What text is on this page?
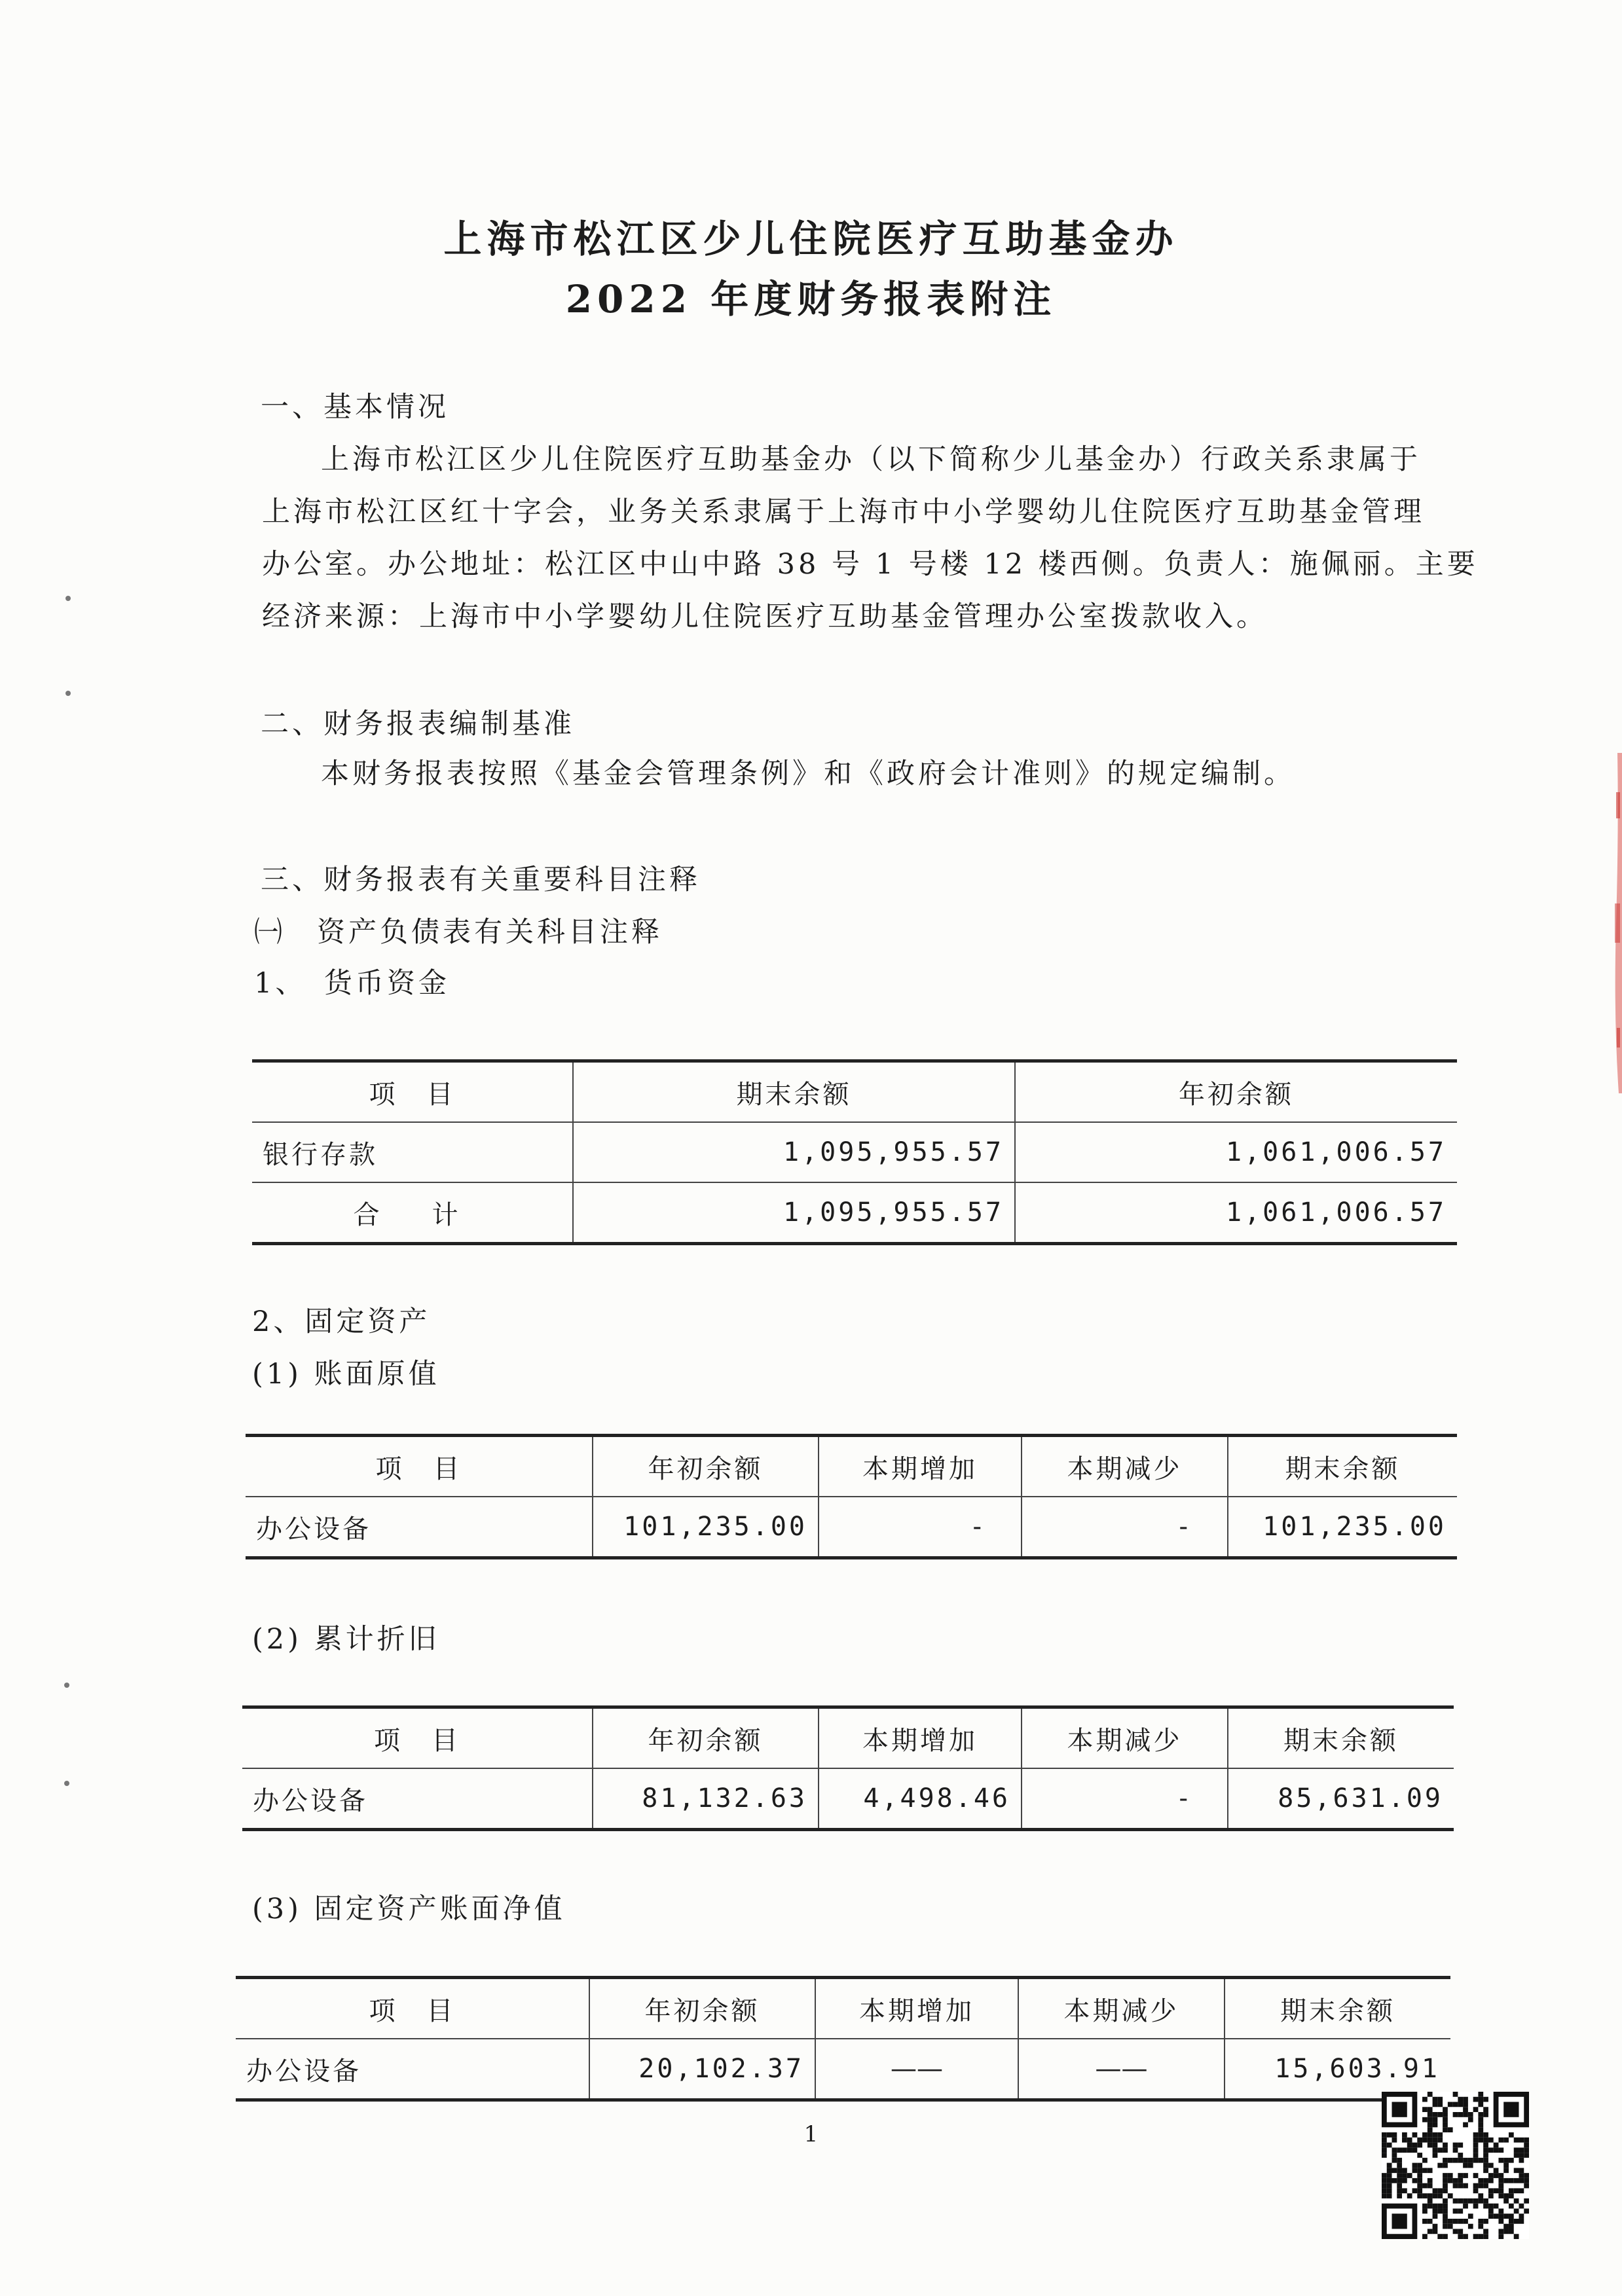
上海市松江区少儿住院医疗互助基金办
2022 年度财务报表附注
一、基本情况
上海市松江区少儿住院医疗互助基金办（以下简称少儿基金办）行政关系隶属于
上海市松江区红十字会，业务关系隶属于上海市中小学婴幼儿住院医疗互助基金管理
办公室。办公地址：松江区中山中路 38 号 1 号楼 12 楼西侧。负责人：施佩丽。主要
经济来源：上海市中小学婴幼儿住院医疗互助基金管理办公室拨款收入。
二、财务报表编制基准
本财务报表按照《基金会管理条例》和《政府会计准则》的规定编制。
三、财务报表有关重要科目注释
㈠　资产负债表有关科目注释
1、　货币资金
项　目	期末余额	年初余额
银行存款	1,095,955.57	1,061,006.57
合　计	1,095,955.57	1,061,006.57
2、固定资产
(1) 账面原值
项　目	年初余额	本期增加	本期减少	期末余额
办公设备	101,235.00	-	-	101,235.00
(2) 累计折旧
项　目	年初余额	本期增加	本期减少	期末余额
办公设备	81,132.63	4,498.46	-	85,631.09
(3) 固定资产账面净值
项　目	年初余额	本期增加	本期减少	期末余额
办公设备	20,102.37	——	——	15,603.91
1
